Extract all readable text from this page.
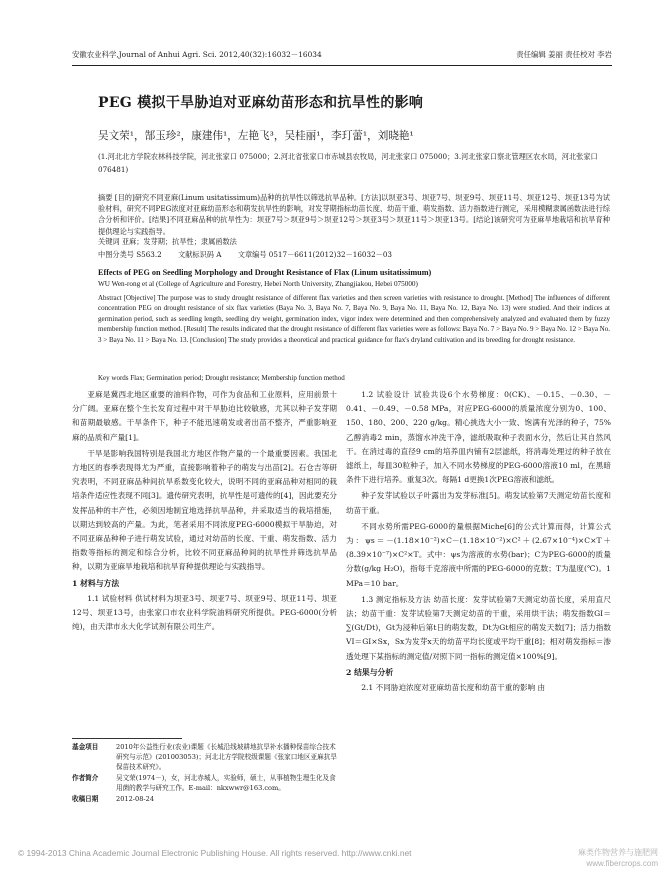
安徽农业科学,Journal of Anhui Agri. Sci. 2012,40(32):16032－16034	责任编辑 姜丽 责任校对 李岩
PEG 模拟干旱胁迫对亚麻幼苗形态和抗旱性的影响
吴文荣¹，郜玉珍²，康建伟¹，左艳飞³，吴桂丽¹，李玎蕾¹，刘晓艳¹
(1.河北北方学院农林科技学院，河北张家口 075000；2.河北省张家口市赤城县农牧局，河北张家口 075000；3.河北张家口察北管理区农水局，河北张家口 076481)
摘要 [目的]研究不同亚麻(Linum usitatissimum)品种的抗旱性以筛选抗旱品种。[方法]以坝亚3号、坝亚7号、坝亚9号、坝亚11号、坝亚12号、坝亚13号为试验材料，研究不同PEG浓度对亚麻幼苗形态和萌发抗旱性的影响，对发芽期指标幼苗长度、幼苗干重、萌发指数、活力指数进行测定，采用模糊隶属函数法进行综合分析和评价。[结果]不同亚麻品种的抗旱性为：坝亚7号＞坝亚9号＞坝亚12号＞坝亚3号＞坝亚11号＞坝亚13号。[结论]该研究可为亚麻旱地栽培和抗旱育种提供理论与实践指导。
关键词 亚麻；发芽期；抗旱性；隶属函数法
中图分类号 S563.2 文献标识码 A 文章编号 0517－6611(2012)32－16032－03
Effects of PEG on Seedling Morphology and Drought Resistance of Flax (Linum usitatissimum)
WU Wen-rong et al (College of Agriculture and Forestry, Hebei North University, Zhangjiakou, Hebei 075000)
Abstract [Objective] The purpose was to study drought resistance of different flax varieties and then screen varieties with resistance to drought. [Method] The influences of different concentration PEG on drought resistance of six flax varieties (Baya No. 3, Baya No. 7, Baya No. 9, Baya No. 11, Baya No. 12, Baya No. 13) were studied. And their indices at germination period, such as seedling length, seedling dry weight, germination index, vigor index were determined and then comprehensively analyzed and evaluated them by fuzzy membership function method. [Result] The results indicated that the drought resistance of different flax varieties were as follows: Baya No. 7 > Baya No. 9 > Baya No. 12 > Baya No. 3 > Baya No. 11 > Baya No. 13. [Conclusion] The study provides a theoretical and practical guidance for flax's dryland cultivation and its breeding for drought resistance.
Key words Flax; Germination period; Drought resistance; Membership function method

亚麻是冀西北地区重要的油料作物，可作为食品和工业原料，应用前景十分广阔。亚麻在整个生长发育过程中对干旱胁迫比较敏感，尤其以种子发芽期和苗期最敏感。干旱条件下，种子不能迅速萌发或者出苗不整齐，严重影响亚麻的品质和产量[1]。

干旱是影响我国特别是我国北方地区作物产量的一个最重要因素。我国北方地区的春季表现得尤为严重，直接影响着种子的萌发与出苗[2]。石仓吉等研究表明，不同亚麻品种间抗旱系数变化较大，说明不同的亚麻品种对相同的栽培条件适应性表现不同[3]。遗传研究表明，抗旱性是可遗传的[4]，因此要充分发挥品种的丰产性，必须因地制宜地选择抗旱品种，并采取适当的栽培措施，以期达到较高的产量。为此，笔者采用不同浓度PEG-6000模拟干旱胁迫，对不同亚麻品种种子进行萌发试验，通过对幼苗的长度、干重、萌发指数、活力指数等指标的测定和综合分析，比较不同亚麻品种间的抗旱性并筛选抗旱品种，以期为亚麻旱地栽培和抗旱育种提供理论与实践指导。

1 材料与方法

1.1 试验材料 供试材料为坝亚3号、坝亚7号、坝亚9号、坝亚11号、坝亚12号、坝亚13号，由张家口市农业科学院油料研究所提供。PEG-6000(分析纯)，由天津市永大化学试剂有限公司生产。

1.2 试验设计 试验共设6个水势梯度：0(CK)、－0.15、－0.30、－0.41、－0.49、－0.58 MPa，对应PEG-6000的质量浓度分别为0、100、150、180、200、220 g/kg。精心挑选大小一致、饱满有光泽的种子，75%乙醇消毒2 min，蒸馏水冲洗干净，滤纸吸取种子表面水分，然后让其自然风干。在消过毒的直径9 cm的培养皿内铺有2层滤纸，将消毒处理过的种子放在滤纸上，每皿30粒种子，加入不同水势梯度的PEG-6000溶液10 ml，在黑暗条件下进行培养。重复3次。每隔1 d更换1次PEG溶液和滤纸。

种子发芽试验以子叶露出为发芽标准[5]。萌发试验第7天测定幼苗长度和幼苗干重。

不同水势所需PEG-6000的量根据Miche[6]的公式计算而得，计算公式为：ψs＝－(1.18×10⁻²)×C－(1.18×10⁻²)×C²＋(2.67×10⁻⁴)×C×T＋(8.39×10⁻⁷)×C²×T。式中：ψs为溶液的水势(bar)；C为PEG-6000的质量分数(g/kg H₂O)，指每千克溶液中所需的PEG-6000的克数；T为温度(℃)。1 MPa＝10 bar。

1.3 测定指标及方法 幼苗长度：发芽试验第7天测定幼苗长度，采用直尺法；幼苗干重：发芽试验第7天测定幼苗的干重，采用烘干法；萌发指数GI＝∑(Gt/Dt)，Gt为浸种后第t日的萌发数，Dt为Gt相应的萌发天数[7]；活力指数VI＝GI×Sx，Sx为发芽x天的幼苗平均长度或平均干重[8]；相对萌发指标＝渗透处理下某指标的测定值/对照下同一指标的测定值×100%[9]。

2 结果与分析

2.1 不同胁迫浓度对亚麻幼苗长度和幼苗干重的影响 由

基金项目	2010年公益性行业(农业)课题《长城沿线坡耕地抗旱补水播种保苗综合技术研究与示范》(201003053)；河北北方学院校级课题《张家口地区亚麻抗旱保苗技术研究》。
作者简介	吴文荣(1974－)，女，河北赤城人，实验师，硕士，从事植物生理生化及食用菌的教学与研究工作。E-mail：nkxwwr@163.com。
收稿日期	2012-08-24
© 1994-2013 China Academic Journal Electronic Publishing House. All rights reserved. http://www.cnki.net	麻类作物营养与施肥网 www.fibercrops.com
